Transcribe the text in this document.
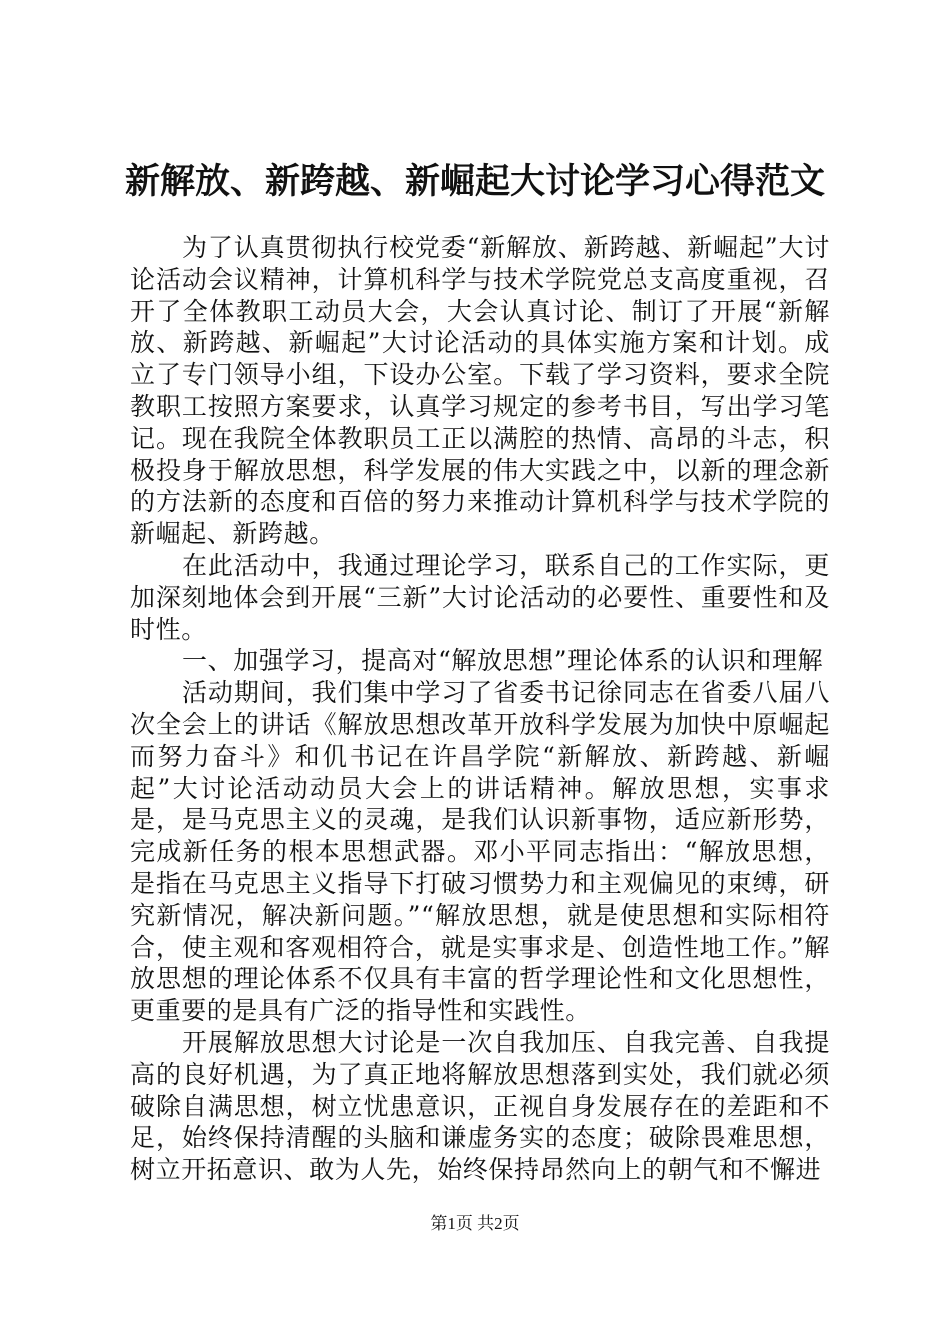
新解放、新跨越、新崛起大讨论学习心得范文

为了认真贯彻执行校党委“新解放、新跨越、新崛起”大讨论活动会议精神，计算机科学与技术学院党总支高度重视，召开了全体教职工动员大会，大会认真讨论、制订了开展“新解放、新跨越、新崛起”大讨论活动的具体实施方案和计划。成立了专门领导小组，下设办公室。下载了学习资料，要求全院教职工按照方案要求，认真学习规定的参考书目，写出学习笔记。现在我院全体教职员工正以满腔的热情、高昂的斗志，积极投身于解放思想，科学发展的伟大实践之中，以新的理念新的方法新的态度和百倍的努力来推动计算机科学与技术学院的新崛起、新跨越。

在此活动中，我通过理论学习，联系自己的工作实际，更加深刻地体会到开展“三新”大讨论活动的必要性、重要性和及时性。

一、加强学习，提高对“解放思想”理论体系的认识和理解

活动期间，我们集中学习了省委书记徐同志在省委八届八次全会上的讲话《解放思想改革开放科学发展为加快中原崛起而努力奋斗》和仉书记在许昌学院“新解放、新跨越、新崛起”大讨论活动动员大会上的讲话精神。解放思想，实事求是，是马克思主义的灵魂，是我们认识新事物，适应新形势，完成新任务的根本思想武器。邓小平同志指出：“解放思想，是指在马克思主义指导下打破习惯势力和主观偏见的束缚，研究新情况，解决新问题。”“解放思想，就是使思想和实际相符合，使主观和客观相符合，就是实事求是、创造性地工作。”解放思想的理论体系不仅具有丰富的哲学理论性和文化思想性，更重要的是具有广泛的指导性和实践性。

开展解放思想大讨论是一次自我加压、自我完善、自我提高的良好机遇，为了真正地将解放思想落到实处，我们就必须破除自满思想，树立忧患意识，正视自身发展存在的差距和不足，始终保持清醒的头脑和谦虚务实的态度；破除畏难思想，树立开拓意识、敢为人先，始终保持昂然向上的朝气和不懈进

第1页 共2页
